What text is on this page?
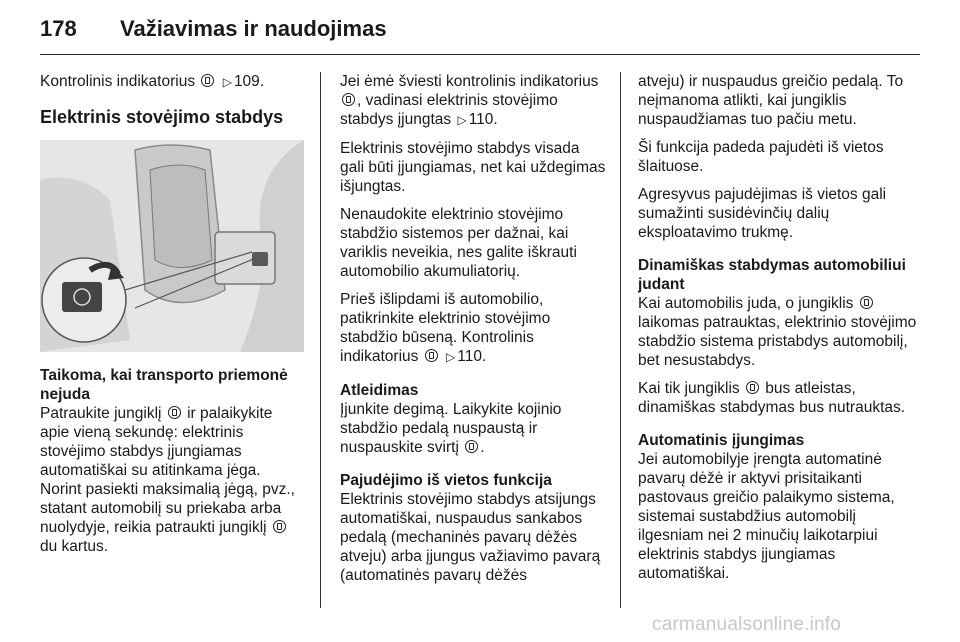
178 Važiavimas ir naudojimas

Kontrolinis indikatorius ▷ 109.

Elektrinis stovėjimo stabdys
Taikoma, kai transporto priemonė nejuda

Patraukite jungiklį ir palaikykite apie vieną sekundę: elektrinis stovėjimo stabdys įjungiamas automatiškai su atitinkama jėga. Norint pasiekti maksimalią jėgą, pvz., statant automobilį su priekaba arba nuolydyje, reikia patraukti jungiklį  du kartus.

Jei ėmė šviesti kontrolinis indikatorius , vadinasi elektrinis stovėjimo stabdys įjungtas ▷ 110.

Elektrinis stovėjimo stabdys visada gali būti įjungiamas, net kai uždegimas išjungtas.

Nenaudokite elektrinio stovėjimo stabdžio sistemos per dažnai, kai variklis neveikia, nes galite iškrauti automobilio akumuliatorių.

Prieš išlipdami iš automobilio, patikrinkite elektrinio stovėjimo stabdžio būseną. Kontrolinis indikatorius ▷ 110.

Atleidimas

Įjunkite degimą. Laikykite kojinio stabdžio pedalą nuspaustą ir nuspauskite svirtį .

Pajudėjimo iš vietos funkcija

Elektrinis stovėjimo stabdys atsijungs automatiškai, nuspaudus sankabos pedalą (mechaninės pavarų dėžės atveju) arba įjungus važiavimo pavarą (automatinės pavarų dėžės

atveju) ir nuspaudus greičio pedalą. To neįmanoma atlikti, kai jungiklis nuspaudžiamas tuo pačiu metu.

Ši funkcija padeda pajudėti iš vietos šlaituose.

Agresyvus pajudėjimas iš vietos gali sumažinti susidėvinčių dalių eksploatavimo trukmę.

Dinamiškas stabdymas automobiliui judant

Kai automobilis juda, o jungiklis  laikomas patrauktas, elektrinio stovėjimo stabdžio sistema pristabdys automobilį, bet nesustabdys.

Kai tik jungiklis bus atleistas, dinamiškas stabdymas bus nutrauktas.

Automatinis įjungimas

Jei automobilyje įrengta automatinė pavarų dėžė ir aktyvi prisitaikanti pastovaus greičio palaikymo sistema, sistemai sustabdžius automobilį ilgesniam nei 2 minučių laikotarpiui elektrinis stabdys įjungiamas automatiškai.

carmanualsonline.info
